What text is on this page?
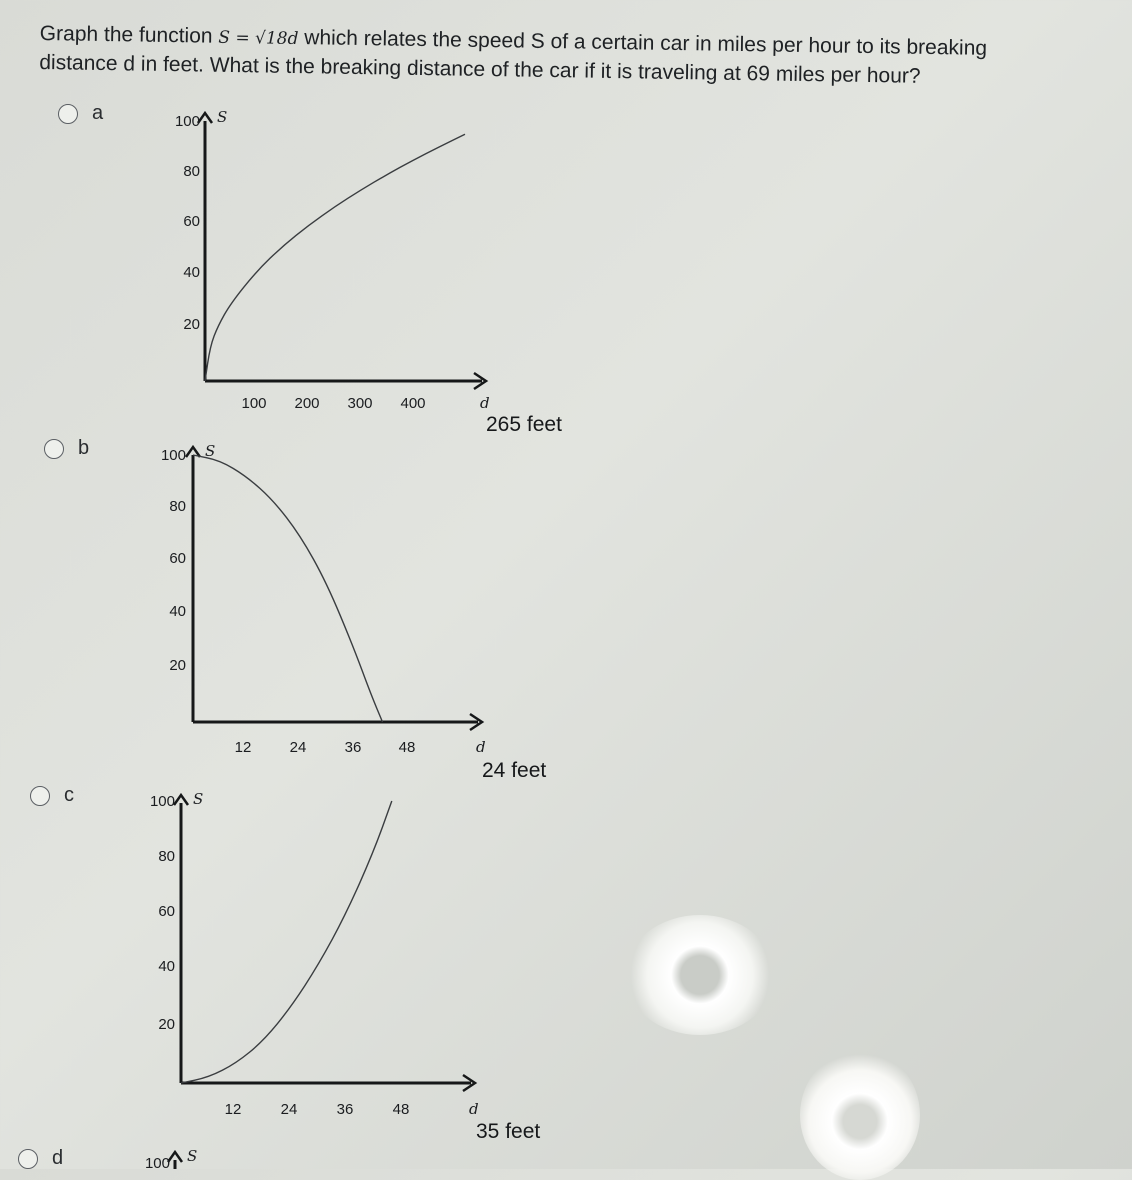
Graph the function S = √18d which relates the speed S of a certain car in miles per hour to its breaking
distance d in feet. What is the breaking distance of the car if it is traveling at 69 miles per hour?
a	S
d
100 200 300 400
100
80
60
40
20
265 feet
b	S
d
12	24	36 48
100
80
60
40
20
24 feet
c	S
d
12	24	36	48
100
80
60
40
20
35 feet
d	S
100
